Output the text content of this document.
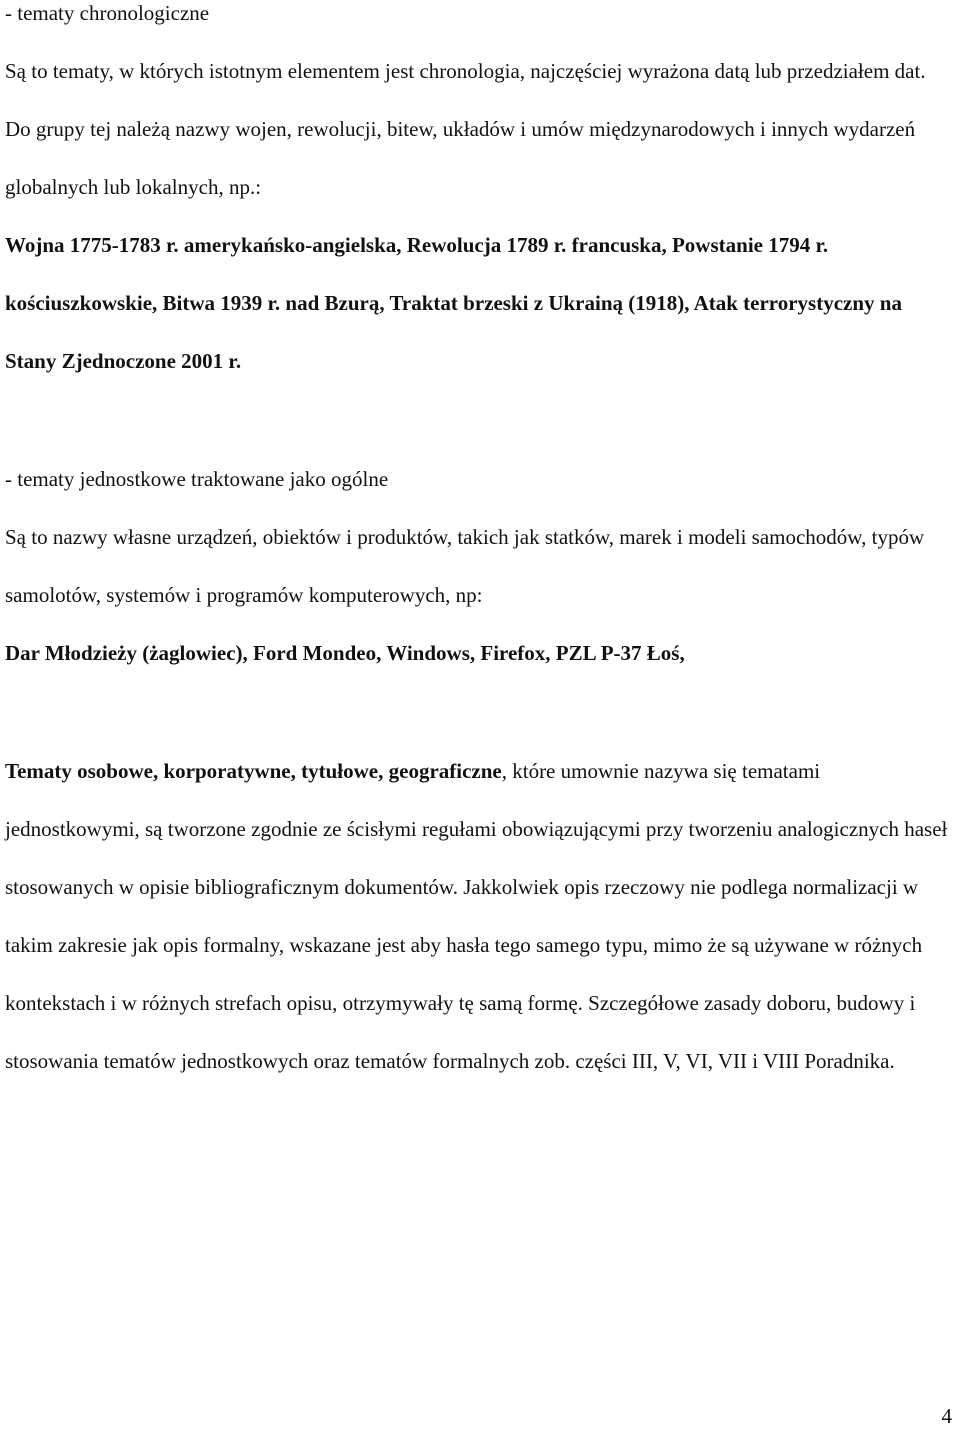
- tematy chronologiczne

Są to tematy, w których istotnym elementem jest chronologia, najczęściej wyrażona datą lub przedziałem dat. Do grupy tej należą nazwy wojen, rewolucji, bitew, układów i umów międzynarodowych i innych wydarzeń globalnych lub lokalnych, np.:

Wojna 1775-1783 r. amerykańsko-angielska, Rewolucja 1789 r. francuska, Powstanie 1794 r. kościuszkowskie, Bitwa 1939 r. nad Bzurą, Traktat brzeski z Ukrainą (1918), Atak terrorystyczny na Stany Zjednoczone 2001 r.

- tematy jednostkowe traktowane jako ogólne

Są to nazwy własne urządzeń, obiektów i produktów, takich jak statków, marek i modeli samochodów, typów samolotów, systemów i programów komputerowych, np:

Dar Młodzieży (żaglowiec), Ford Mondeo, Windows, Firefox, PZL P-37 Łoś,

Tematy osobowe, korporatywne, tytułowe, geograficzne, które umownie nazywa się tematami jednostkowymi, są tworzone zgodnie ze ścisłymi regułami obowiązującymi przy tworzeniu analogicznych haseł stosowanych w opisie bibliograficznym dokumentów. Jakkolwiek opis rzeczowy nie podlega normalizacji w takim zakresie jak opis formalny, wskazane jest aby hasła tego samego typu, mimo że są używane w różnych kontekstach i w różnych strefach opisu, otrzymywały tę samą formę. Szczegółowe zasady doboru, budowy i stosowania tematów jednostkowych oraz tematów formalnych zob. części III, V, VI, VII i VIII Poradnika.

4
